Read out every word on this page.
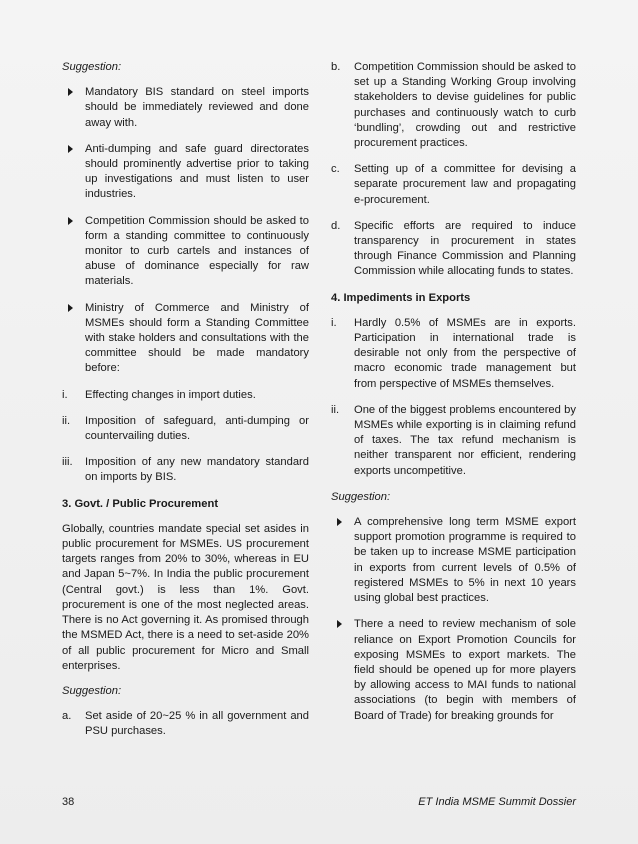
Suggestion:

Mandatory BIS standard on steel imports should be immediately reviewed and done away with.
Anti-dumping and safe guard directorates should prominently advertise prior to taking up investigations and must listen to user industries.
Competition Commission should be asked to form a standing committee to continuously monitor to curb cartels and instances of abuse of dominance especially for raw materials.
Ministry of Commerce and Ministry of MSMEs should form a Standing Committee with stake holders and consultations with the committee should be made mandatory before:
i. Effecting changes in import duties.
ii. Imposition of safeguard, anti-dumping or countervailing duties.
iii. Imposition of any new mandatory standard on imports by BIS.

3. Govt. / Public Procurement

Globally, countries mandate special set asides in public procurement for MSMEs. US procurement targets ranges from 20% to 30%, whereas in EU and Japan 5~7%. In India the public procurement (Central govt.) is less than 1%. Govt. procurement is one of the most neglected areas. There is no Act governing it. As promised through the MSMED Act, there is a need to set-aside 20% of all public procurement for Micro and Small enterprises.

Suggestion:

a. Set aside of 20~25 % in all government and PSU purchases.
b. Competition Commission should be asked to set up a Standing Working Group involving stakeholders to devise guidelines for public purchases and continuously watch to curb ‘bundling’, crowding out and restrictive procurement practices.
c. Setting up of a committee for devising a separate procurement law and propagating e-procurement.
d. Specific efforts are required to induce transparency in procurement in states through Finance Commission and Planning Commission while allocating funds to states.

4. Impediments in Exports

i. Hardly 0.5% of MSMEs are in exports. Participation in international trade is desirable not only from the perspective of macro economic trade management but from perspective of MSMEs themselves.
ii. One of the biggest problems encountered by MSMEs while exporting is in claiming refund of taxes. The tax refund mechanism is neither transparent nor efficient, rendering exports uncompetitive.

Suggestion:

A comprehensive long term MSME export support promotion programme is required to be taken up to increase MSME participation in exports from current levels of 0.5% of registered MSMEs to 5% in next 10 years using global best practices.
There a need to review mechanism of sole reliance on Export Promotion Councils for exposing MSMEs to export markets. The field should be opened up for more players by allowing access to MAI funds to national associations (to begin with members of Board of Trade) for breaking grounds for
38	ET India MSME Summit Dossier
